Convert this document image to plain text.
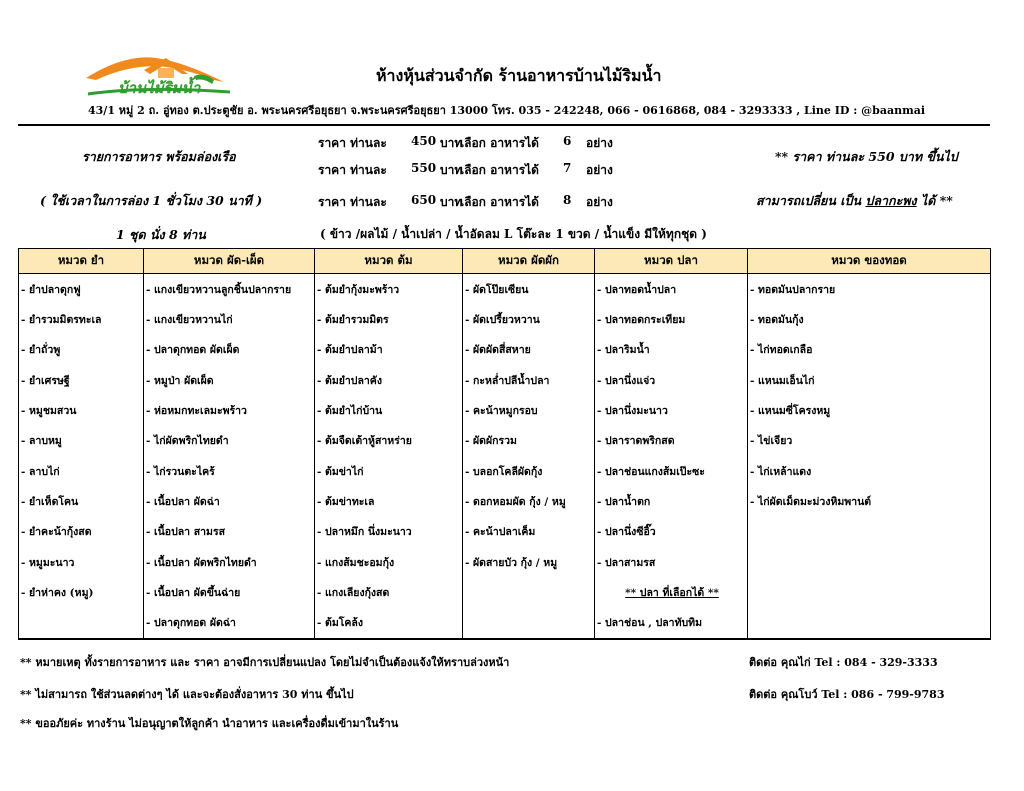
บ้านไม้ริมน้ำ
ห้างหุ้นส่วนจำกัด ร้านอาหารบ้านไม้ริมน้ำ
43/1 หมู่ 2 ถ. อู่ทอง ต.ประตูชัย อ. พระนครศรีอยุธยา จ.พระนครศรีอยุธยา 13000 โทร. 035 - 242248, 066 - 0616868, 084 - 3293333 , Line ID : @baanmai
รายการอาหาร พร้อมล่องเรือ
( ใช้เวลาในการล่อง 1 ชั่วโมง 30 นาที )
1 ชุด นั่ง 8 ท่าน
ราคา ท่านละ 450 บาท
เลือก อาหารได้ 6 อย่าง
ราคา ท่านละ 550 บาท
เลือก อาหารได้ 7 อย่าง
ราคา ท่านละ 650 บาท
เลือก อาหารได้ 8 อย่าง
( ข้าว /ผลไม้ / น้ำเปล่า / น้ำอัดลม L โต๊ะละ 1 ขวด / น้ำแข็ง มีให้ทุกชุด )
** ราคา ท่านละ 550 บาท ขึ้นไป
สามารถเปลี่ยน เป็น ปลากะพง ได้ **
หมวด ยำ	หมวด ผัด-เผ็ด	หมวด ต้ม	หมวด ผัดผัก	หมวด ปลา	หมวด ของทอด
- ยำปลาดุกฟู	- แกงเขียวหวานลูกชิ้นปลากราย	- ต้มยำกุ้งมะพร้าว	- ผัดโป๊ยเซียน	- ปลาทอดน้ำปลา	- ทอดมันปลากราย
- ยำรวมมิตรทะเล	- แกงเขียวหวานไก่	- ต้มยำรวมมิตร	- ผัดเปรี้ยวหวาน	- ปลาทอดกระเทียม	- ทอดมันกุ้ง
- ยำถั่วพู	- ปลาดุกทอด ผัดเผ็ด	- ต้มยำปลาม้า	- ผัดผัดสี่สหาย	- ปลาริมน้ำ	- ไก่ทอดเกลือ
- ยำเศรษฐี	- หมูป่า ผัดเผ็ด	- ต้มยำปลาคัง	- กะหล่ำปลีน้ำปลา	- ปลานึ่งแจ่ว	- แหนมเอ็นไก่
- หมูชมสวน	- ห่อหมกทะเลมะพร้าว	- ต้มยำไก่บ้าน	- คะน้าหมูกรอบ	- ปลานึ่งมะนาว	- แหนมซี่โครงหมู
- ลาบหมู	- ไก่ผัดพริกไทยดำ	- ต้มจืดเต้าหู้สาหร่าย	- ผัดผักรวม	- ปลาราดพริกสด	- ไข่เจียว
- ลาบไก่	- ไก่รวนตะไคร้	- ต้มข่าไก่	- บลอกโคลีผัดกุ้ง	- ปลาช่อนแกงส้มเป๊ะซะ	- ไก่เหล้าแดง
- ยำเห็ดโคน	- เนื้อปลา ผัดฉ่า	- ต้มข่าทะเล	- ดอกหอมผัด กุ้ง / หมู	- ปลาน้ำตก	- ไก่ผัดเม็ดมะม่วงหิมพานต์
- ยำคะน้ากุ้งสด	- เนื้อปลา สามรส	- ปลาหมึก นึ่งมะนาว	- คะน้าปลาเค็ม	- ปลานึ่งซีอิ๊ว	
- หมูมะนาว	- เนื้อปลา ผัดพริกไทยดำ	- แกงส้มชะอมกุ้ง	- ผัดสายบัว กุ้ง / หมู	- ปลาสามรส	
- ยำห่าคง (หมู)	- เนื้อปลา ผัดขึ้นฉ่าย	- แกงเลียงกุ้งสด		** ปลา ที่เลือกได้ **	
	- ปลาดุกทอด ผัดฉ่า	- ต้มโคล้ง		- ปลาช่อน , ปลาทับทิม	
** หมายเหตุ ทั้งรายการอาหาร และ ราคา อาจมีการเปลี่ยนแปลง โดยไม่จำเป็นต้องแจ้งให้ทราบล่วงหน้า
** ไม่สามารถ ใช้ส่วนลดต่างๆ ได้ และจะต้องสั่งอาหาร 30 ท่าน ขึ้นไป
** ขออภัยค่ะ ทางร้าน ไม่อนุญาตให้ลูกค้า นำอาหาร และเครื่องดื่มเข้ามาในร้าน
ติดต่อ คุณไก่ Tel : 084 - 329-3333
ติดต่อ คุณโบว์ Tel : 086 - 799-9783
